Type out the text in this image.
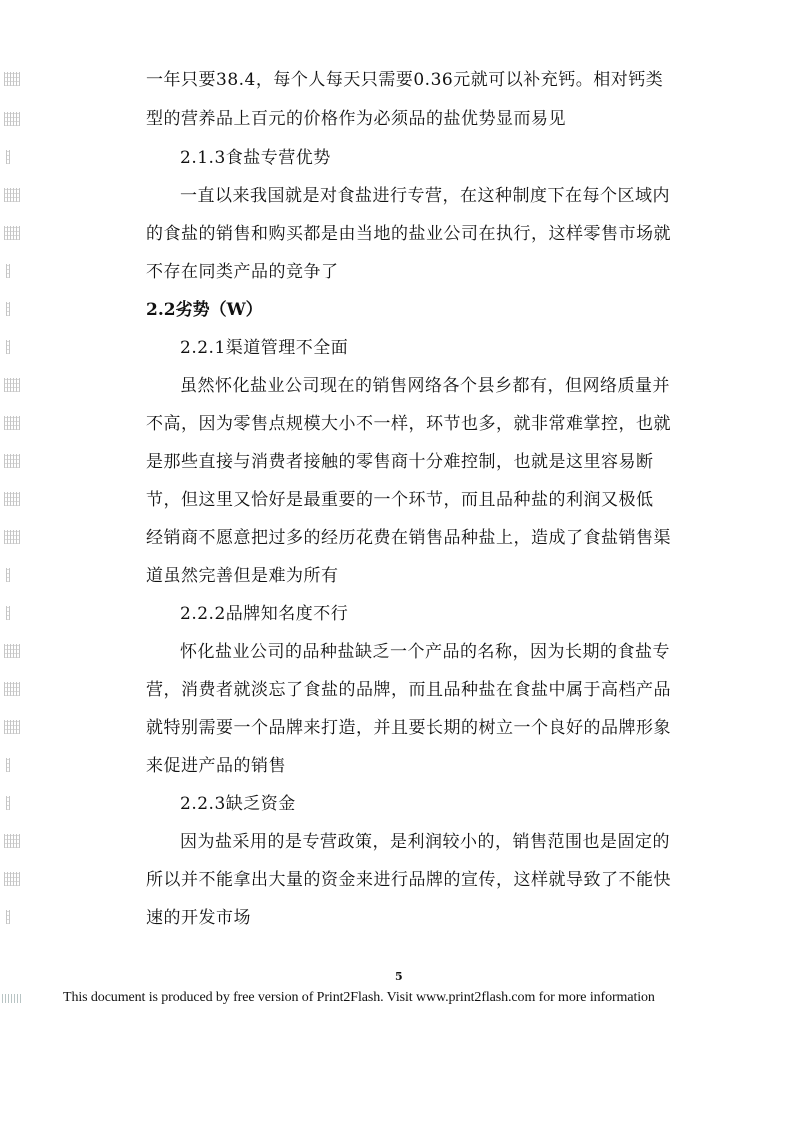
一年只要38.4，每个人每天只需要0.36元就可以补充钙。相对钙类
型的营养品上百元的价格作为必须品的盐优势显而易见
2.1.3食盐专营优势
一直以来我国就是对食盐进行专营，在这种制度下在每个区域内
的食盐的销售和购买都是由当地的盐业公司在执行，这样零售市场就
不存在同类产品的竞争了
2.2劣势（W）
2.2.1渠道管理不全面
虽然怀化盐业公司现在的销售网络各个县乡都有，但网络质量并
不高，因为零售点规模大小不一样，环节也多，就非常难掌控，也就
是那些直接与消费者接触的零售商十分难控制，也就是这里容易断
节，但这里又恰好是最重要的一个环节，而且品种盐的利润又极低
经销商不愿意把过多的经历花费在销售品种盐上，造成了食盐销售渠
道虽然完善但是难为所有
2.2.2品牌知名度不行
怀化盐业公司的品种盐缺乏一个产品的名称，因为长期的食盐专
营，消费者就淡忘了食盐的品牌，而且品种盐在食盐中属于高档产品
就特别需要一个品牌来打造，并且要长期的树立一个良好的品牌形象
来促进产品的销售
2.2.3缺乏资金
因为盐采用的是专营政策，是利润较小的，销售范围也是固定的
所以并不能拿出大量的资金来进行品牌的宣传，这样就导致了不能快
速的开发市场
5
This document is produced by free version of Print2Flash. Visit www.print2flash.com for more information
